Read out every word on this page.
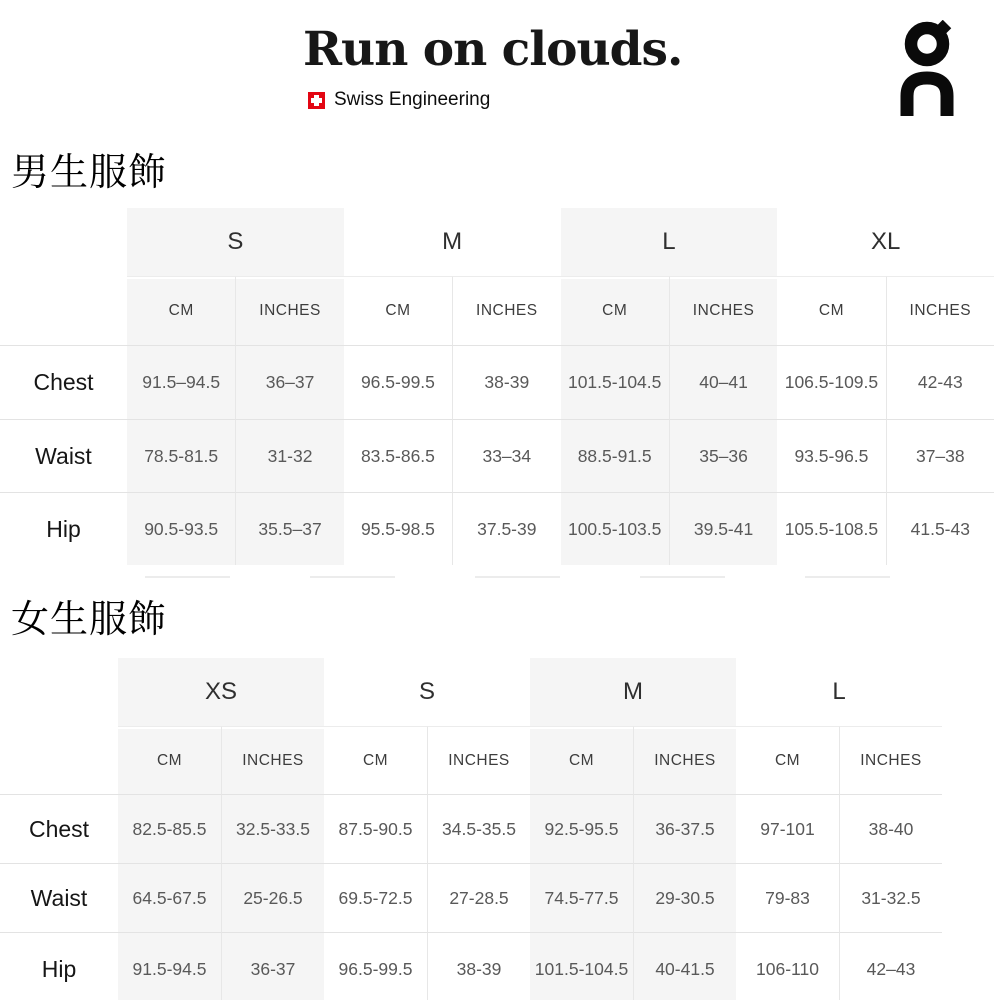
Run on clouds.
Swiss Engineering
男生服飾
S	M	L	XL
CM	INCHES	CM	INCHES	CM	INCHES	CM	INCHES
Chest	91.5–94.5	36–37	96.5-99.5	38-39	101.5-104.5	40–41	106.5-109.5	42-43
Waist	78.5-81.5	31-32	83.5-86.5	33–34	88.5-91.5	35–36	93.5-96.5	37–38
Hip	90.5-93.5	35.5–37	95.5-98.5	37.5-39	100.5-103.5	39.5-41	105.5-108.5	41.5-43
女生服飾
XS	S	M	L
CM	INCHES	CM	INCHES	CM	INCHES	CM	INCHES
Chest	82.5-85.5	32.5-33.5	87.5-90.5	34.5-35.5	92.5-95.5	36-37.5	97-101	38-40
Waist	64.5-67.5	25-26.5	69.5-72.5	27-28.5	74.5-77.5	29-30.5	79-83	31-32.5
Hip	91.5-94.5	36-37	96.5-99.5	38-39	101.5-104.5	40-41.5	106-110	42–43
